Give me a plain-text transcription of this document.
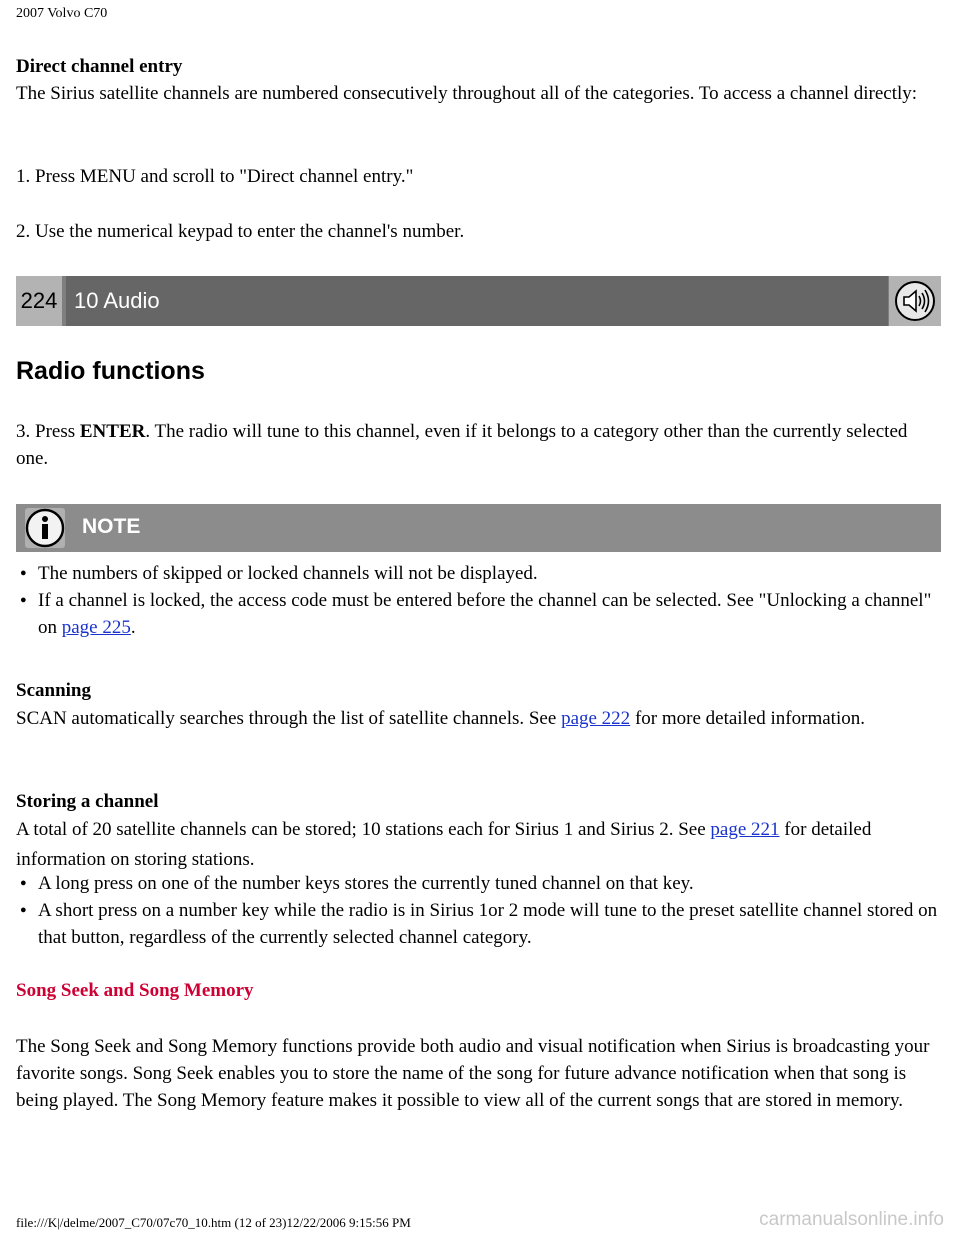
2007 Volvo C70
Direct channel entry
The Sirius satellite channels are numbered consecutively throughout all of the categories. To access a channel directly:
1. Press MENU and scroll to "Direct channel entry."
2. Use the numerical keypad to enter the channel's number.
224 10 Audio
Radio functions
3. Press ENTER. The radio will tune to this channel, even if it belongs to a category other than the currently selected one.
NOTE
● The numbers of skipped or locked channels will not be displayed.
● If a channel is locked, the access code must be entered before the channel can be selected. See "Unlocking a channel" on page 225.
Scanning
SCAN automatically searches through the list of satellite channels. See page 222 for more detailed information.
Storing a channel
A total of 20 satellite channels can be stored; 10 stations each for Sirius 1 and Sirius 2. See page 221 for detailed information on storing stations.
● A long press on one of the number keys stores the currently tuned channel on that key.
● A short press on a number key while the radio is in Sirius 1or 2 mode will tune to the preset satellite channel stored on that button, regardless of the currently selected channel category.
Song Seek and Song Memory
The Song Seek and Song Memory functions provide both audio and visual notification when Sirius is broadcasting your favorite songs. Song Seek enables you to store the name of the song for future advance notification when that song is being played. The Song Memory feature makes it possible to view all of the current songs that are stored in memory.
file:///K|/delme/2007_C70/07c70_10.htm (12 of 23)12/22/2006 9:15:56 PM	carmanualsonline.info
